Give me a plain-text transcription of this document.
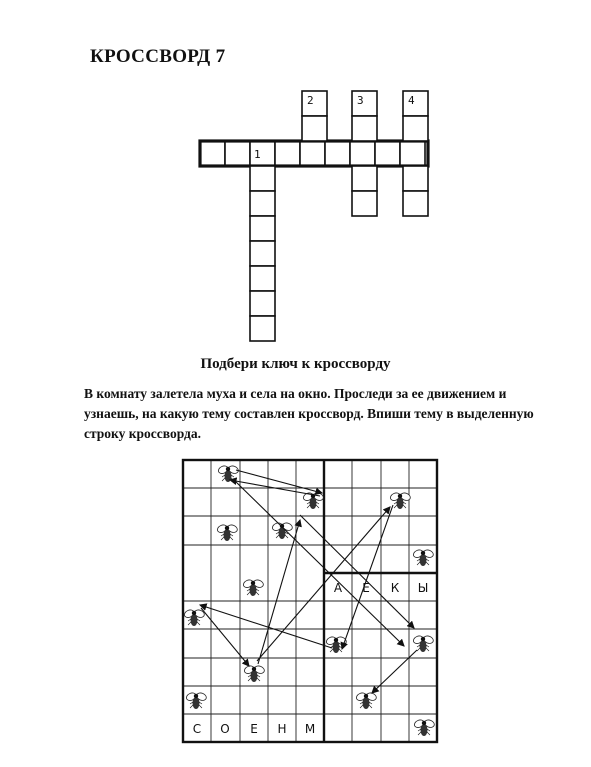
КРОССВОРД 7
1
2	3	4
Подбери ключ к кроссворду
В комнату залетела муха и села на окно. Проследи за ее движением и узнаешь, на какую тему составлен кроссворд. Впиши тему в выделенную строку кроссворда.
А Е К Ы
С О Е Н М
